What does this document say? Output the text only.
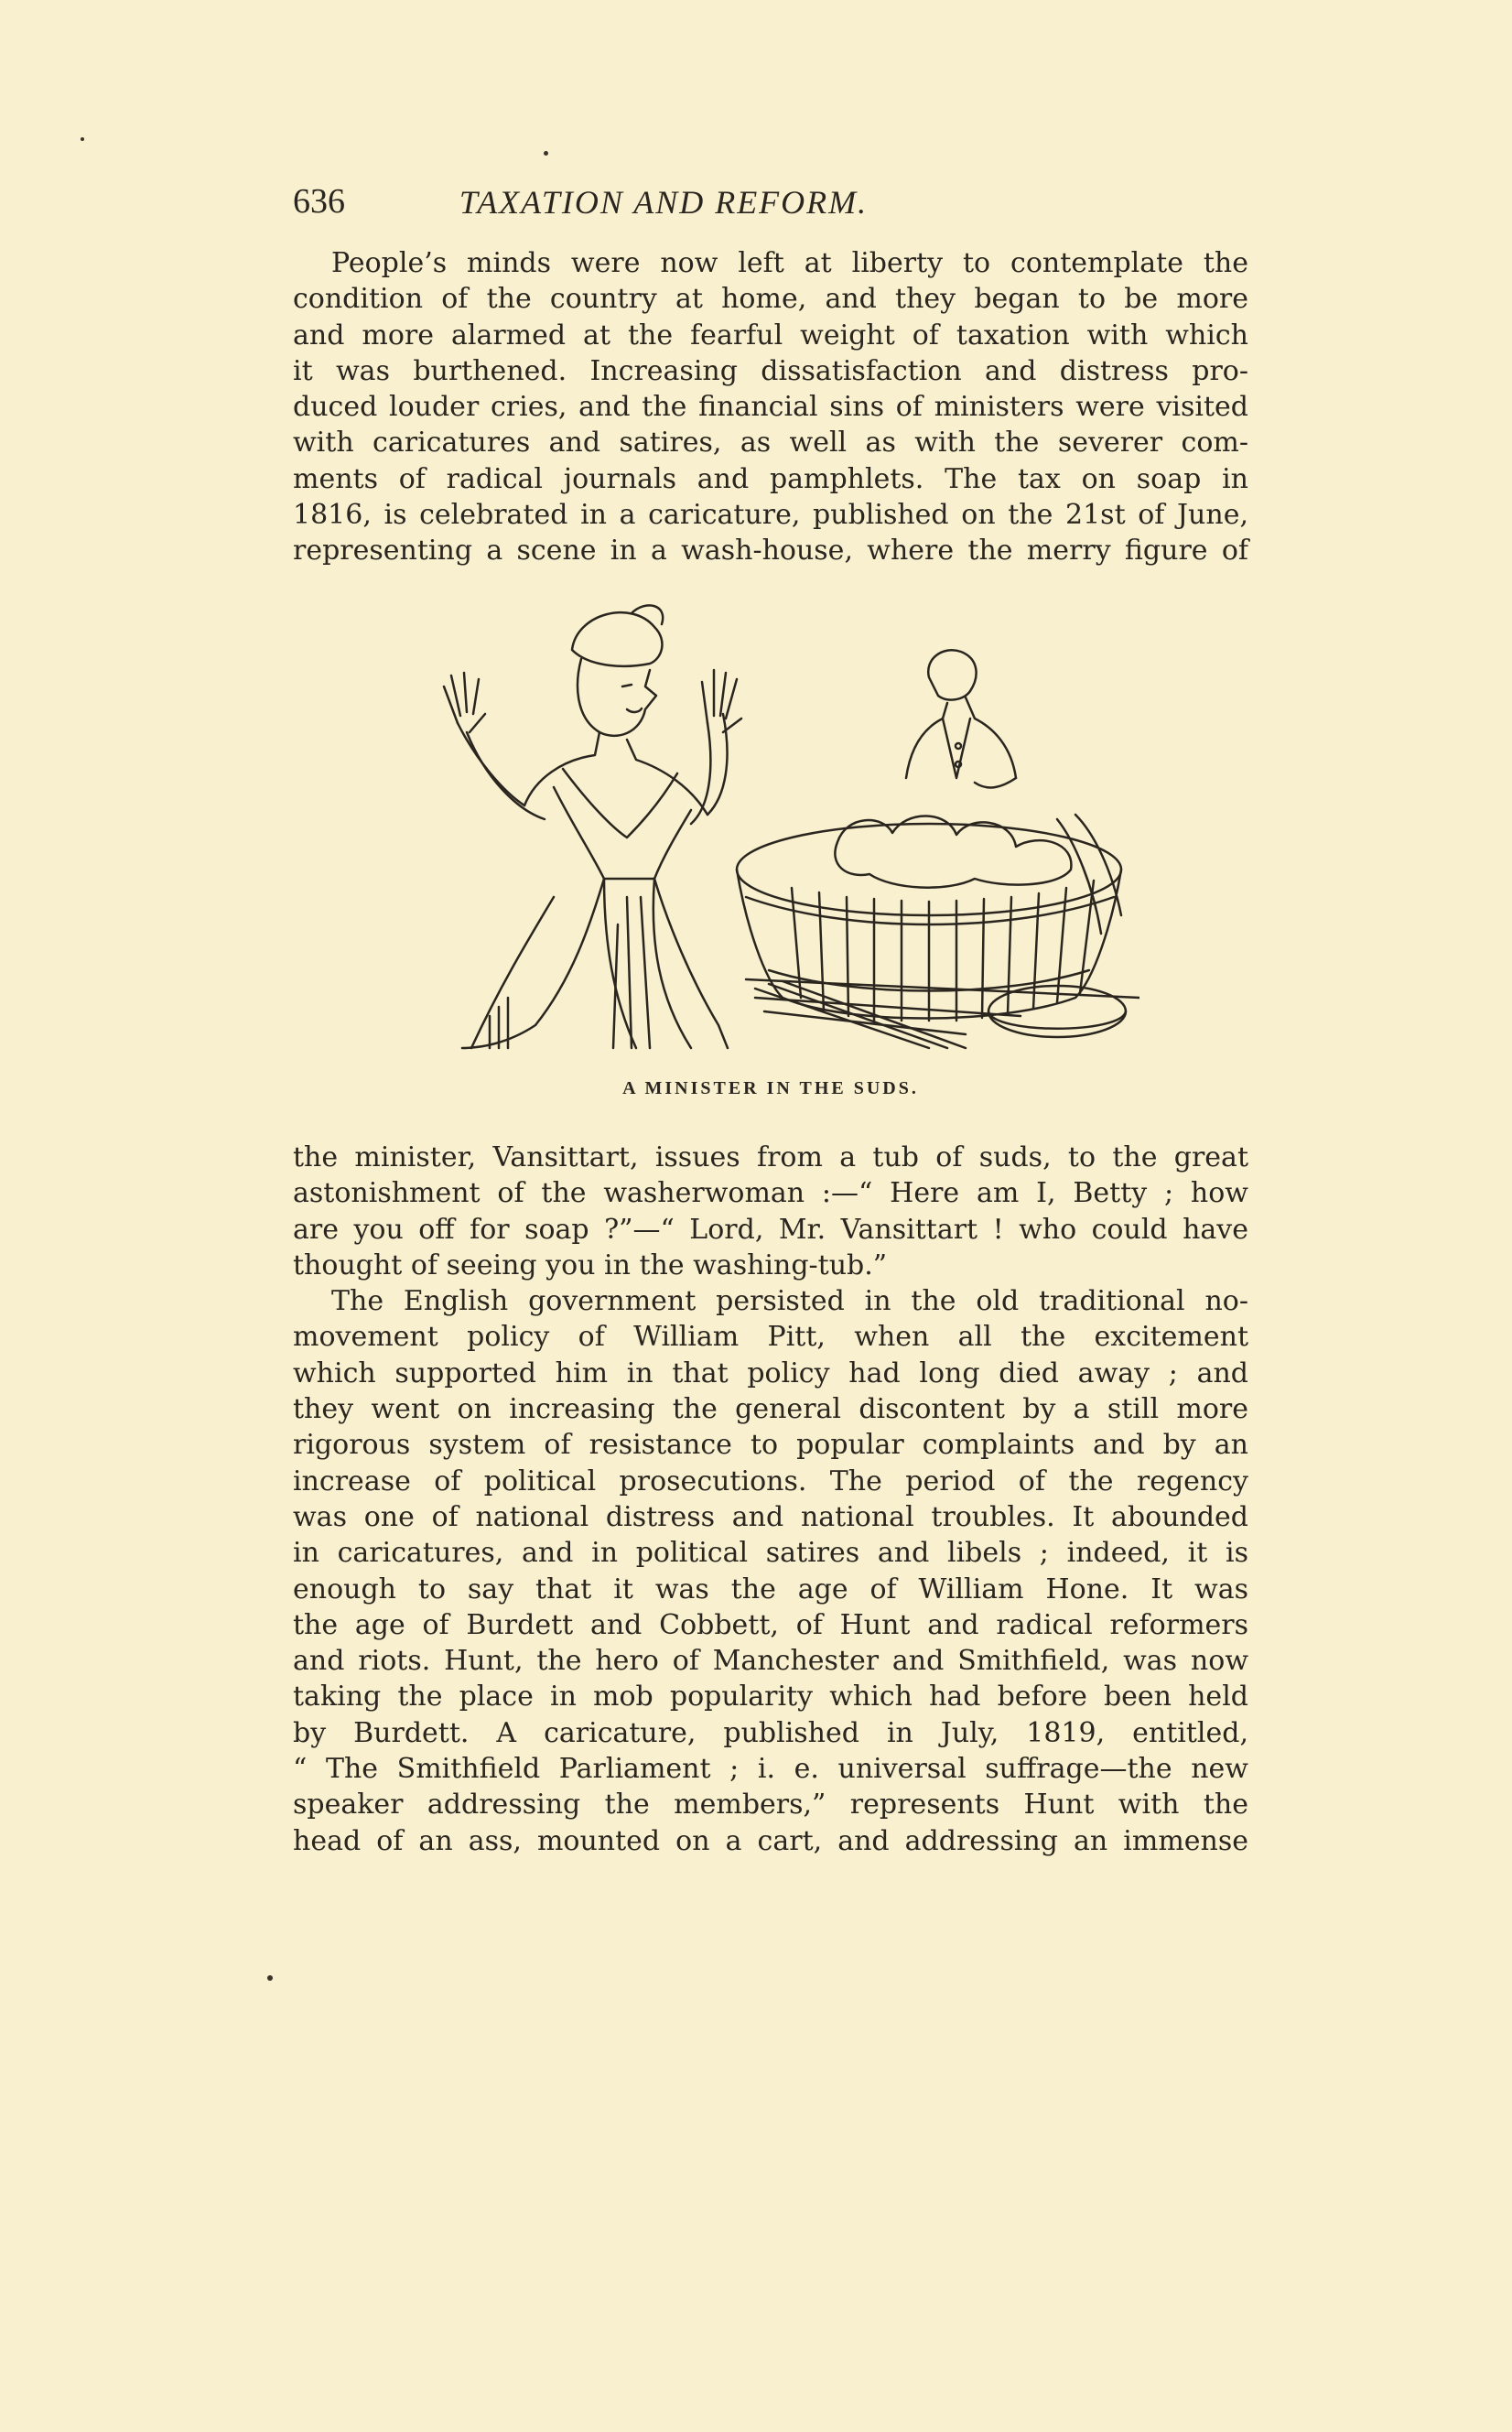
636	TAXATION AND REFORM.
People’s minds were now left at liberty to contemplate the
condition of the country at home, and they began to be more
and more alarmed at the fearful weight of taxation with which
it was burthened. Increasing dissatisfaction and distress pro-
duced louder cries, and the financial sins of ministers were visited
with caricatures and satires, as well as with the severer com-
ments of radical journals and pamphlets. The tax on soap in
1816, is celebrated in a caricature, published on the 21st of June,
representing a scene in a wash-house, where the merry figure of
A MINISTER IN THE SUDS.
the minister, Vansittart, issues from a tub of suds, to the great
astonishment of the washerwoman :—“ Here am I, Betty ; how
are you off for soap ?”—“ Lord, Mr. Vansittart ! who could have
thought of seeing you in the washing-tub.”
The English government persisted in the old traditional no-
movement policy of William Pitt, when all the excitement
which supported him in that policy had long died away ; and
they went on increasing the general discontent by a still more
rigorous system of resistance to popular complaints and by an
increase of political prosecutions. The period of the regency
was one of national distress and national troubles. It abounded
in caricatures, and in political satires and libels ; indeed, it is
enough to say that it was the age of William Hone. It was
the age of Burdett and Cobbett, of Hunt and radical reformers
and riots. Hunt, the hero of Manchester and Smithfield, was now
taking the place in mob popularity which had before been held
by Burdett. A caricature, published in July, 1819, entitled,
“ The Smithfield Parliament ; i. e. universal suffrage—the new
speaker addressing the members,” represents Hunt with the
head of an ass, mounted on a cart, and addressing an immense
